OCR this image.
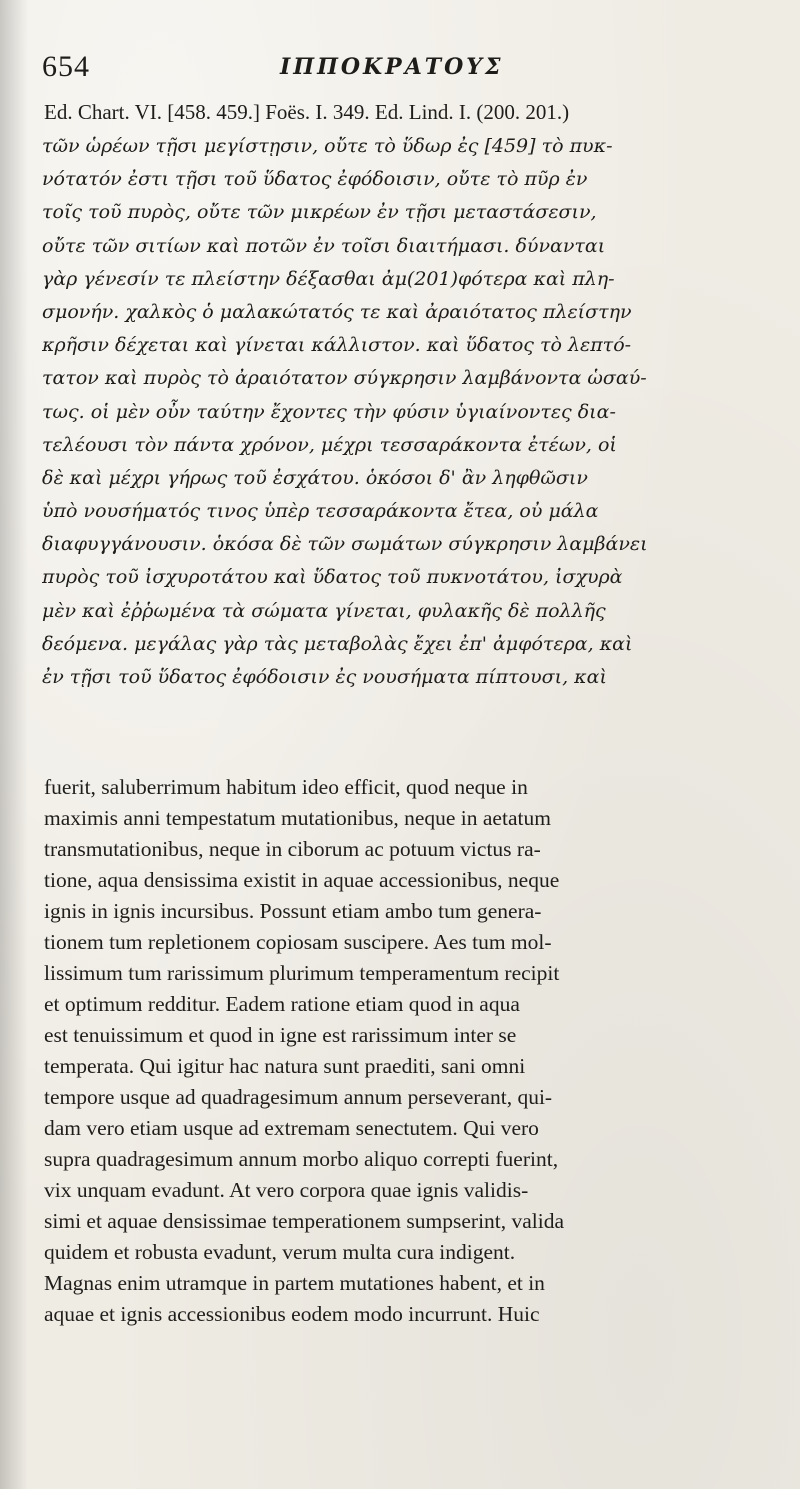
654	ΙΠΠΟΚΡΑΤΟΥΣ
Ed. Chart. VI. [458. 459.] Foës. I. 349. Ed. Lind. I. (200. 201.)
τῶν ὡρέων τῇσι μεγίστῃσιν, οὔτε τὸ ὕδωρ ἐς [459] τὸ πυκ-
νότατόν ἐστι τῇσι τοῦ ὕδατος ἐφόδοισιν, οὔτε τὸ πῦρ ἐν
τοῖς τοῦ πυρὸς, οὔτε τῶν μικρέων ἐν τῇσι μεταστάσεσιν,
οὔτε τῶν σιτίων καὶ ποτῶν ἐν τοῖσι διαιτήμασι. δύνανται
γὰρ γένεσίν τε πλείστην δέξασθαι ἀμ(201)φότερα καὶ πλη-
σμονήν. χαλκὸς ὁ μαλακώτατός τε καὶ ἀραιότατος πλείστην
κρῆσιν δέχεται καὶ γίνεται κάλλιστον. καὶ ὕδατος τὸ λεπτό-
τατον καὶ πυρὸς τὸ ἀραιότατον σύγκρησιν λαμβάνοντα ὡσαύ-
τως. οἱ μὲν οὖν ταύτην ἔχοντες τὴν φύσιν ὑγιαίνοντες δια-
τελέουσι τὸν πάντα χρόνον, μέχρι τεσσαράκοντα ἐτέων, οἱ
δὲ καὶ μέχρι γήρως τοῦ ἐσχάτου. ὁκόσοι δ' ἂν ληφθῶσιν
ὑπὸ νουσήματός τινος ὑπὲρ τεσσαράκοντα ἔτεα, οὐ μάλα
διαφυγγάνουσιν. ὁκόσα δὲ τῶν σωμάτων σύγκρησιν λαμβάνει
πυρὸς τοῦ ἰσχυροτάτου καὶ ὕδατος τοῦ πυκνοτάτου, ἰσχυρὰ
μὲν καὶ ἐῤῥωμένα τὰ σώματα γίνεται, φυλακῆς δὲ πολλῆς
δεόμενα. μεγάλας γὰρ τὰς μεταβολὰς ἔχει ἐπ' ἀμφότερα, καὶ
ἐν τῇσι τοῦ ὕδατος ἐφόδοισιν ἐς νουσήματα πίπτουσι, καὶ
fuerit, saluberrimum habitum ideo efficit, quod neque in
maximis anni tempestatum mutationibus, neque in aetatum
transmutationibus, neque in ciborum ac potuum victus ra-
tione, aqua densissima existit in aquae accessionibus, neque
ignis in ignis incursibus. Possunt etiam ambo tum genera-
tionem tum repletionem copiosam suscipere. Aes tum mol-
lissimum tum rarissimum plurimum temperamentum recipit
et optimum redditur. Eadem ratione etiam quod in aqua
est tenuissimum et quod in igne est rarissimum inter se
temperata. Qui igitur hac natura sunt praediti, sani omni
tempore usque ad quadragesimum annum perseverant, qui-
dam vero etiam usque ad extremam senectutem. Qui vero
supra quadragesimum annum morbo aliquo correpti fuerint,
vix unquam evadunt. At vero corpora quae ignis validis-
simi et aquae densissimae temperationem sumpserint, valida
quidem et robusta evadunt, verum multa cura indigent.
Magnas enim utramque in partem mutationes habent, et in
aquae et ignis accessionibus eodem modo incurrunt. Huic
